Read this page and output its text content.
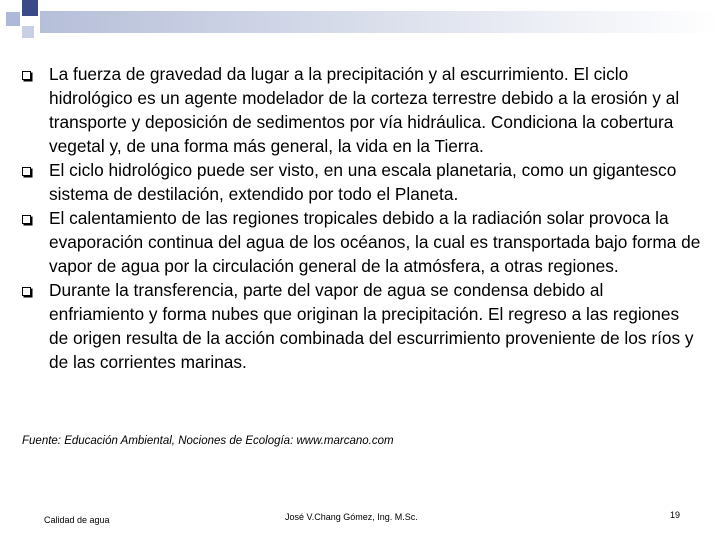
La fuerza de gravedad da lugar a la precipitación y al escurrimiento. El ciclo hidrológico es un agente modelador de la corteza terrestre debido a la erosión y al transporte y deposición de sedimentos por vía hidráulica. Condiciona la cobertura vegetal y, de una forma más general, la vida en la Tierra.
El ciclo hidrológico puede ser visto, en una escala planetaria, como un gigantesco sistema de destilación, extendido por todo el Planeta.
El calentamiento de las regiones tropicales debido a la radiación solar provoca la evaporación continua del agua de los océanos, la cual es transportada bajo forma de vapor de agua por la circulación general de la atmósfera, a otras regiones.
Durante la transferencia, parte del vapor de agua se condensa debido al enfriamiento y forma nubes que originan la precipitación. El regreso a las regiones de origen resulta de la acción combinada del escurrimiento proveniente de los ríos y de las corrientes marinas.
Fuente: Educación Ambiental, Nociones de Ecología: www.marcano.com
Calidad de agua	José V.Chang Gómez, Ing. M.Sc.	19
